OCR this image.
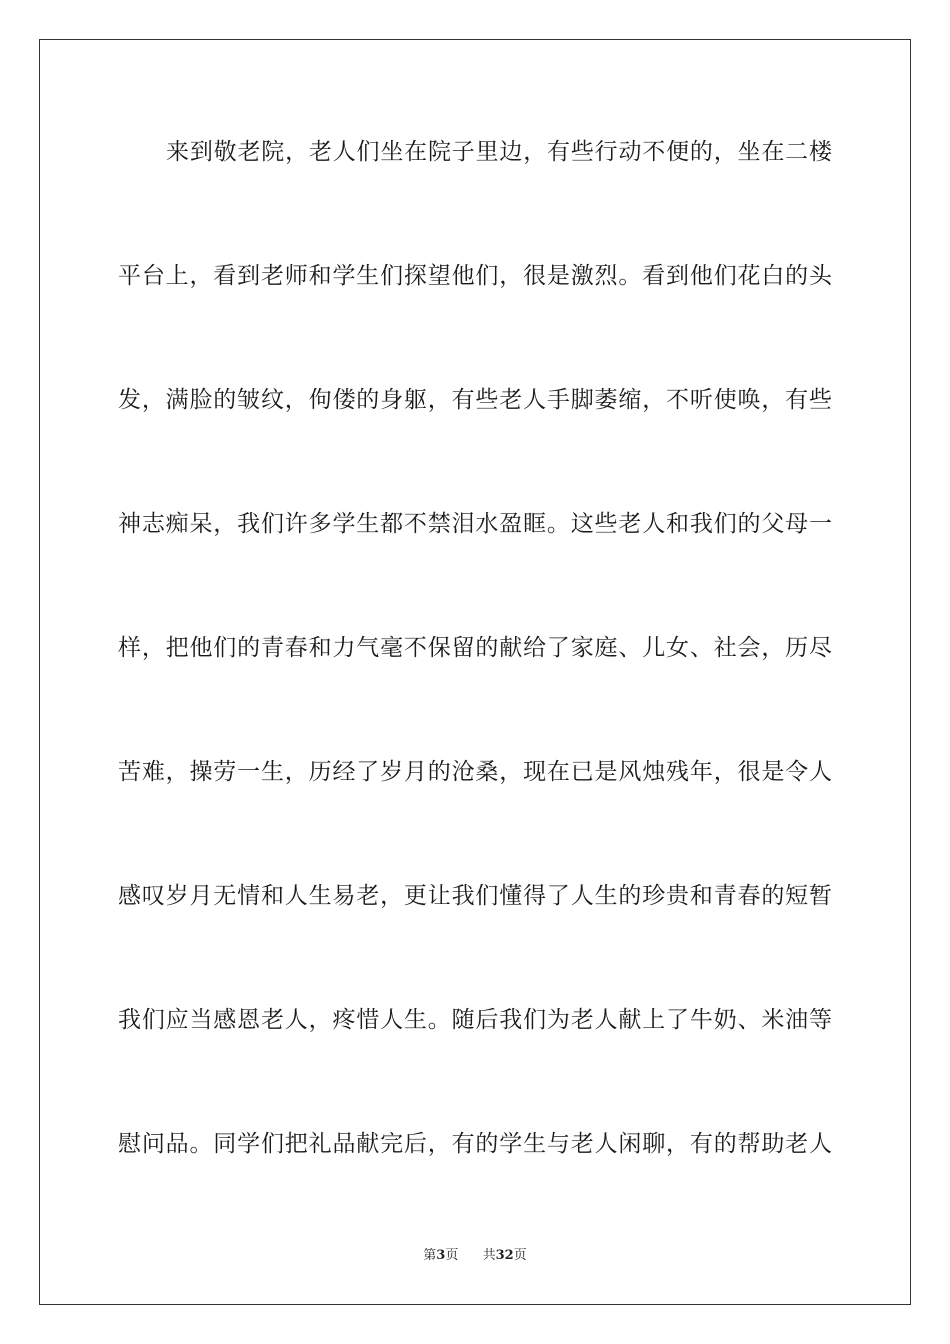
来到敬老院，老人们坐在院子里边，有些行动不便的，坐在二楼
平台上，看到老师和学生们探望他们，很是激烈。看到他们花白的头
发，满脸的皱纹，佝偻的身躯，有些老人手脚萎缩，不听使唤，有些
神志痴呆，我们许多学生都不禁泪水盈眶。这些老人和我们的父母一
样，把他们的青春和力气毫不保留的献给了家庭、儿女、社会，历尽
苦难，操劳一生，历经了岁月的沧桑，现在已是风烛残年，很是令人
感叹岁月无情和人生易老，更让我们懂得了人生的珍贵和青春的短暂
我们应当感恩老人，疼惜人生。随后我们为老人献上了牛奶、米油等
慰问品。同学们把礼品献完后，有的学生与老人闲聊，有的帮助老人
第3页 共32页
